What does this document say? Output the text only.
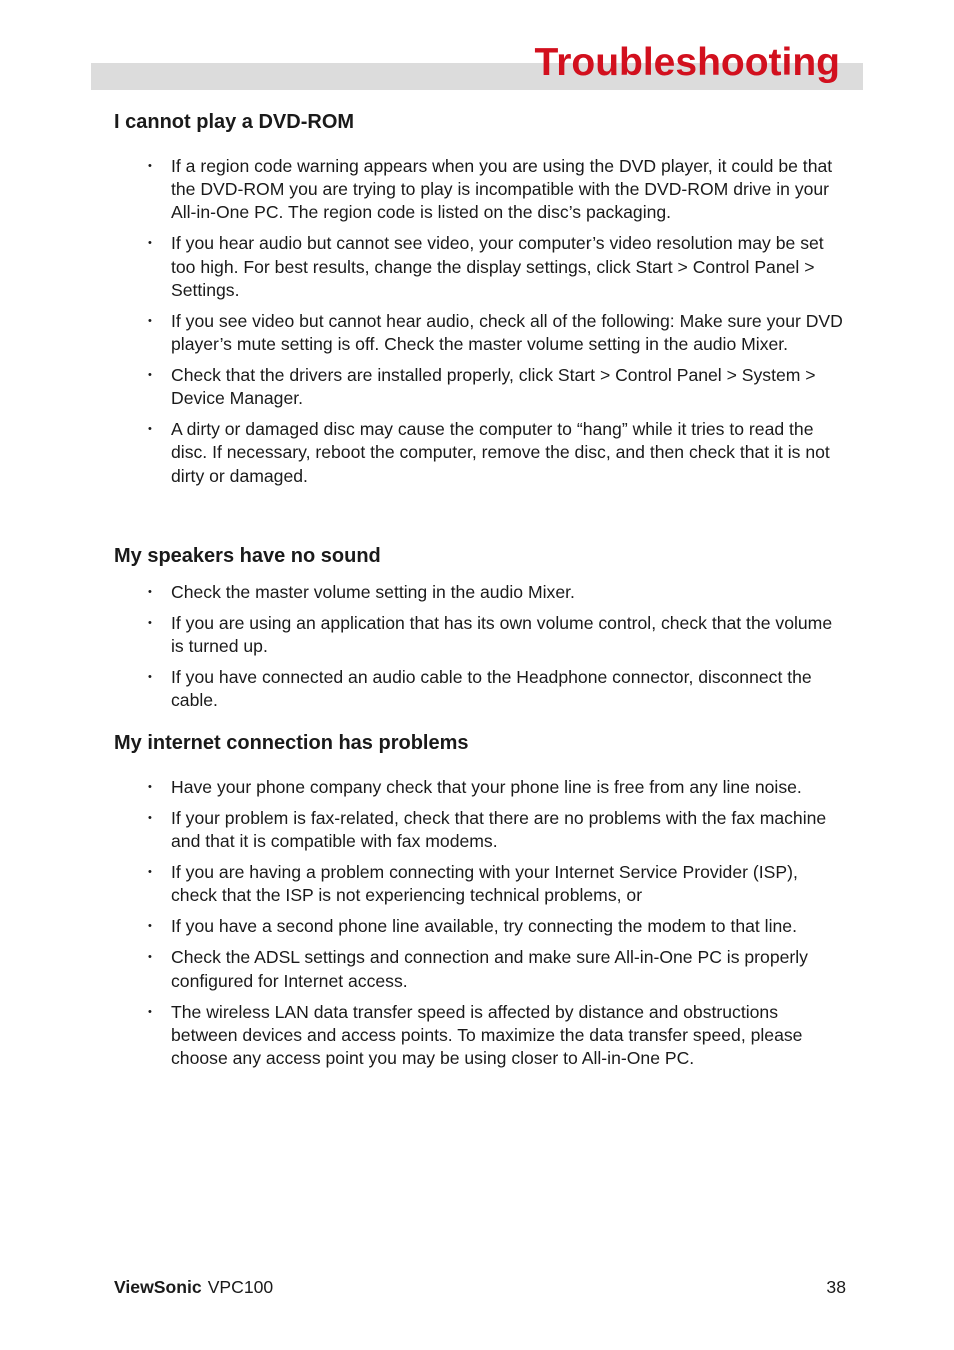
Troubleshooting
I cannot play a DVD-ROM
• If a region code warning appears when you are using the DVD player, it could be that the DVD-ROM you are trying to play is incompatible with the DVD-ROM drive in your All-in-One PC. The region code is listed on the disc’s packaging.
• If you hear audio but cannot see video, your computer’s video resolution may be set too high. For best results, change the display settings, click Start > Control Panel > Settings.
• If you see video but cannot hear audio, check all of the following: Make sure your DVD player’s mute setting is off. Check the master volume setting in the audio Mixer.
• Check that the drivers are installed properly, click Start > Control Panel > System > Device Manager.
• A dirty or damaged disc may cause the computer to “hang” while it tries to read the disc. If necessary, reboot the computer, remove the disc, and then check that it is not dirty or damaged.
My speakers have no sound
• Check the master volume setting in the audio Mixer.
• If you are using an application that has its own volume control, check that the volume is turned up.
• If you have connected an audio cable to the Headphone connector, disconnect the cable.
My internet connection has problems
• Have your phone company check that your phone line is free from any line noise.
• If your problem is fax-related, check that there are no problems with the fax machine and that it is compatible with fax modems.
• If you are having a problem connecting with your Internet Service Provider (ISP), check that the ISP is not experiencing technical problems, or
• If you have a second phone line available, try connecting the modem to that line.
• Check the ADSL settings and connection and make sure All-in-One PC is properly configured for Internet access.
• The wireless LAN data transfer speed is affected by distance and obstructions between devices and access points. To maximize the data transfer speed, please choose any access point you may be using closer to All-in-One PC.
ViewSonic VPC100	38
